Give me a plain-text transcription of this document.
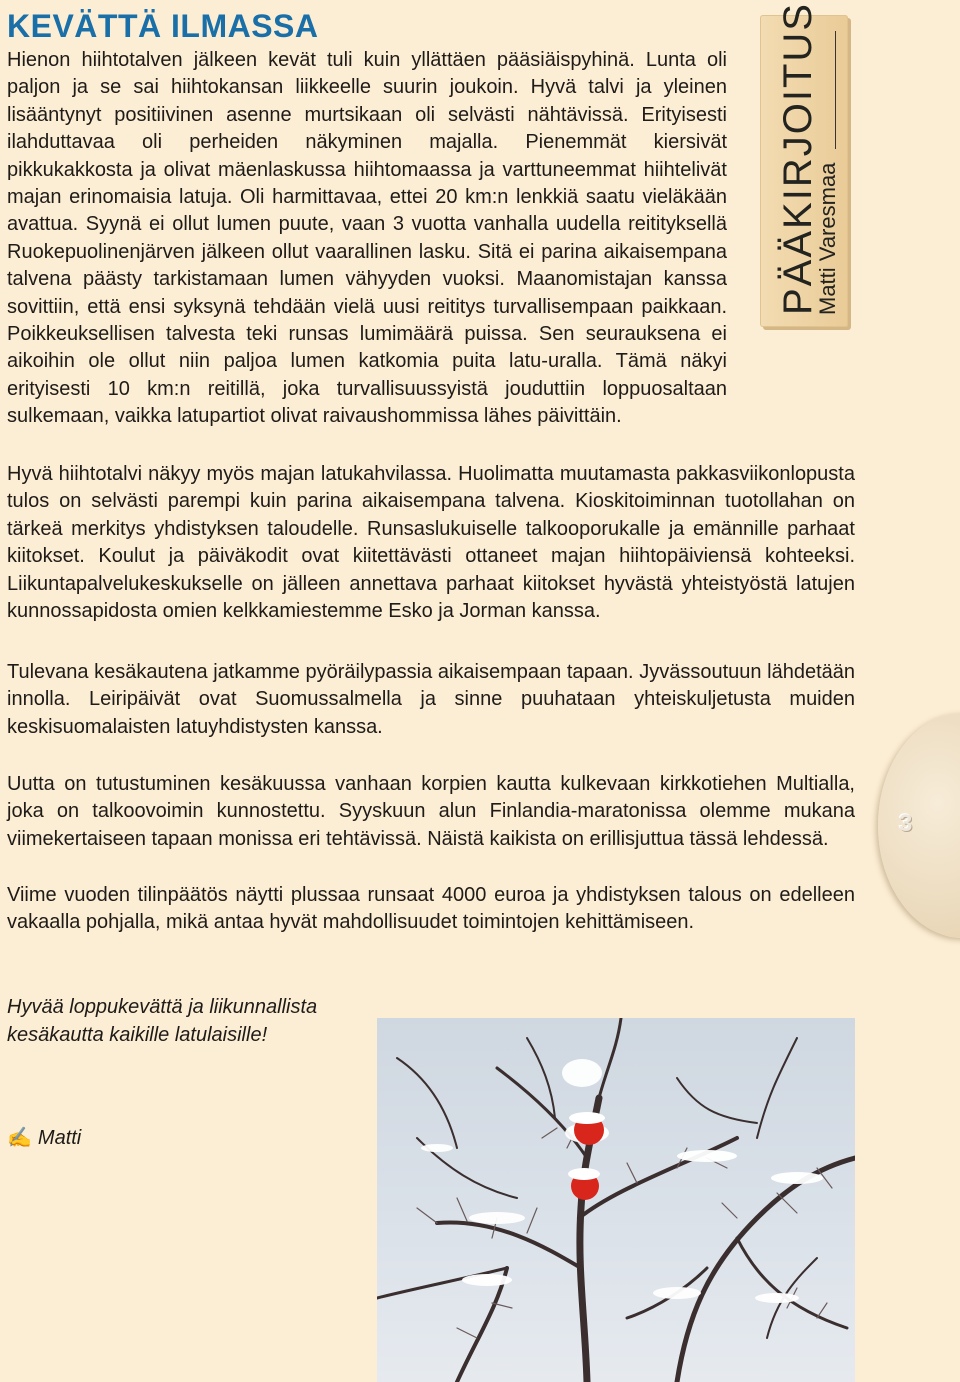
KEVÄTTÄ ILMASSA

Hienon hiihtotalven jälkeen kevät tuli kuin yllättäen pääsiäispyhinä. Lunta oli paljon ja se sai hiihtokansan liikkeelle suurin joukoin. Hyvä talvi ja yleinen lisääntynyt positiivinen asenne murtsikaan oli selvästi nähtävissä. Erityisesti ilahduttavaa oli perheiden näkyminen majalla. Pienemmät kiersivät pikkukakkosta ja olivat mäenlaskussa hiihtomaassa ja varttuneemmat hiihtelivät majan erinomaisia latuja. Oli harmittavaa, ettei 20 km:n lenkkiä saatu vieläkään avattua. Syynä ei ollut lumen puute, vaan 3 vuotta vanhalla uudella reitityksellä Ruokepuolinenjärven jälkeen ollut vaarallinen lasku. Sitä ei parina aikaisempana talvena päästy tarkistamaan lumen vähyyden vuoksi. Maanomistajan kanssa sovittiin, että ensi syksynä tehdään vielä uusi reititys turvallisempaan paikkaan. Poikkeuksellisen talvesta teki runsas lumimäärä puissa. Sen seurauksena ei aikoihin ole ollut niin paljoa lumen katkomia puita latu-uralla. Tämä näkyi erityisesti 10 km:n reitillä, joka turvallisuussyistä jouduttiin loppuosaltaan sulkemaan, vaikka latupartiot olivat raivaushommissa lähes päivittäin.

PÄÄKIRJOITUS
Matti Varesmaa

Hyvä hiihtotalvi näkyy myös majan latukahvilassa. Huolimatta muutamasta pakkasviikonlopusta tulos on selvästi parempi kuin parina aikaisempana talvena. Kioskitoiminnan tuotollahan on tärkeä merkitys yhdistyksen taloudelle. Runsaslukuiselle talkooporukalle ja emännille parhaat kiitokset. Koulut ja päiväkodit ovat kiitettävästi ottaneet majan hiihtopäiviensä kohteeksi. Liikuntapalvelukeskukselle on jälleen annettava parhaat kiitokset hyvästä yhteistyöstä latujen kunnossapidosta omien kelkkamiestemme Esko ja Jorman kanssa.

Tulevana kesäkautena jatkamme pyöräilypassia aikaisempaan tapaan. Jyvässoutuun lähdetään innolla. Leiripäivät ovat Suomussalmella ja sinne puuhataan yhteiskuljetusta muiden keskisuomalaisten latuyhdistysten kanssa.

Uutta on tutustuminen kesäkuussa vanhaan korpien kautta kulkevaan kirkkotiehen Multialla, joka on talkoovoimin kunnostettu. Syyskuun alun Finlandia-maratonissa olemme mukana viimekertaiseen tapaan monissa eri tehtävissä. Näistä kaikista on erillisjuttua tässä lehdessä.

Viime vuoden tilinpäätös näytti plussaa runsaat 4000 euroa ja yhdistyksen talous on edelleen vakaalla pohjalla, mikä antaa hyvät mahdollisuudet toimintojen kehittämiseen.

Hyvää loppukevättä ja liikunnallista kesäkautta kaikille latulaisille!

✍ Matti

3
